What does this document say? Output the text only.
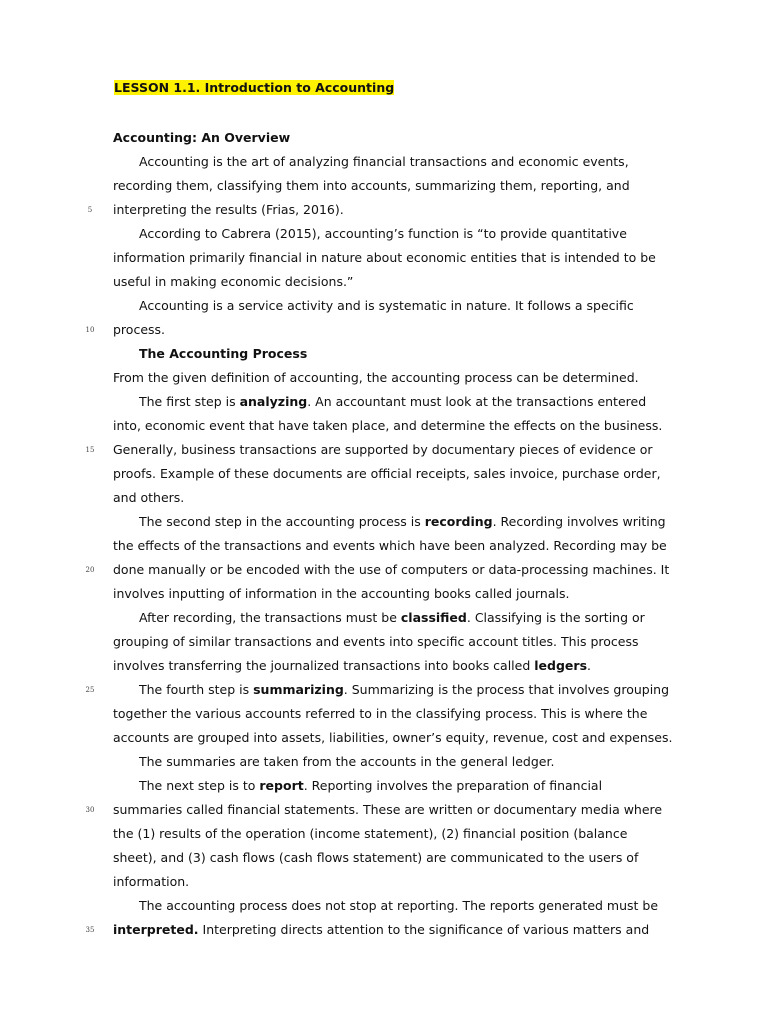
LESSON 1.1. Introduction to Accounting
Accounting: An Overview
Accounting is the art of analyzing financial transactions and economic events,
recording them, classifying them into accounts, summarizing them, reporting, and
interpreting the results (Frias, 2016).
According to Cabrera (2015), accounting’s function is “to provide quantitative
information primarily financial in nature about economic entities that is intended to be
useful in making economic decisions.”
Accounting is a service activity and is systematic in nature. It follows a specific
process.
The Accounting Process
From the given definition of accounting, the accounting process can be determined.
The first step is analyzing. An accountant must look at the transactions entered
into, economic event that have taken place, and determine the effects on the business.
Generally, business transactions are supported by documentary pieces of evidence or
proofs. Example of these documents are official receipts, sales invoice, purchase order,
and others.
The second step in the accounting process is recording. Recording involves writing
the effects of the transactions and events which have been analyzed. Recording may be
done manually or be encoded with the use of computers or data-processing machines. It
involves inputting of information in the accounting books called journals.
After recording, the transactions must be classified. Classifying is the sorting or
grouping of similar transactions and events into specific account titles. This process
involves transferring the journalized transactions into books called ledgers.
The fourth step is summarizing. Summarizing is the process that involves grouping
together the various accounts referred to in the classifying process. This is where the
accounts are grouped into assets, liabilities, owner’s equity, revenue, cost and expenses.
The summaries are taken from the accounts in the general ledger.
The next step is to report. Reporting involves the preparation of financial
summaries called financial statements. These are written or documentary media where
the (1) results of the operation (income statement), (2) financial position (balance
sheet), and (3) cash flows (cash flows statement) are communicated to the users of
information.
The accounting process does not stop at reporting. The reports generated must be
interpreted. Interpreting directs attention to the significance of various matters and
5
10
15
20
25
30
35
